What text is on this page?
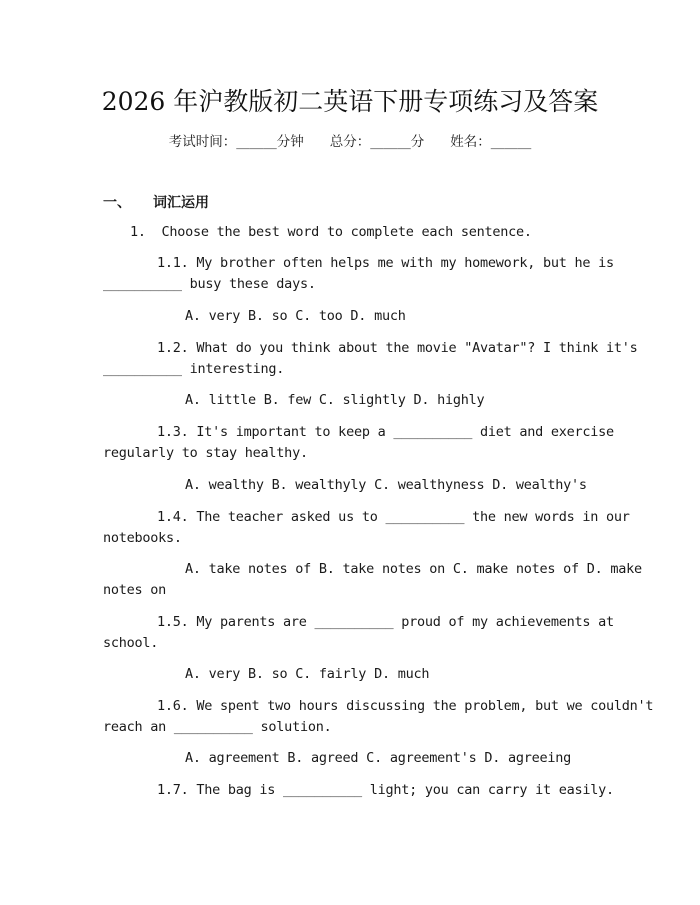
2026 年沪教版初二英语下册专项练习及答案
考试时间：______分钟 总分：______分 姓名：______
一、 词汇运用
1.  Choose the best word to complete each sentence.
1.1. My brother often helps me with my homework, but he is
__________ busy these days.
A. very B. so C. too D. much
1.2. What do you think about the movie "Avatar"? I think it's
__________ interesting.
A. little B. few C. slightly D. highly
1.3. It's important to keep a __________ diet and exercise
regularly to stay healthy.
A. wealthy B. wealthyly C. wealthyness D. wealthy's
1.4. The teacher asked us to __________ the new words in our
notebooks.
A. take notes of B. take notes on C. make notes of D. make
notes on
1.5. My parents are __________ proud of my achievements at
school.
A. very B. so C. fairly D. much
1.6. We spent two hours discussing the problem, but we couldn't
reach an __________ solution.
A. agreement B. agreed C. agreement's D. agreeing
1.7. The bag is __________ light; you can carry it easily.
